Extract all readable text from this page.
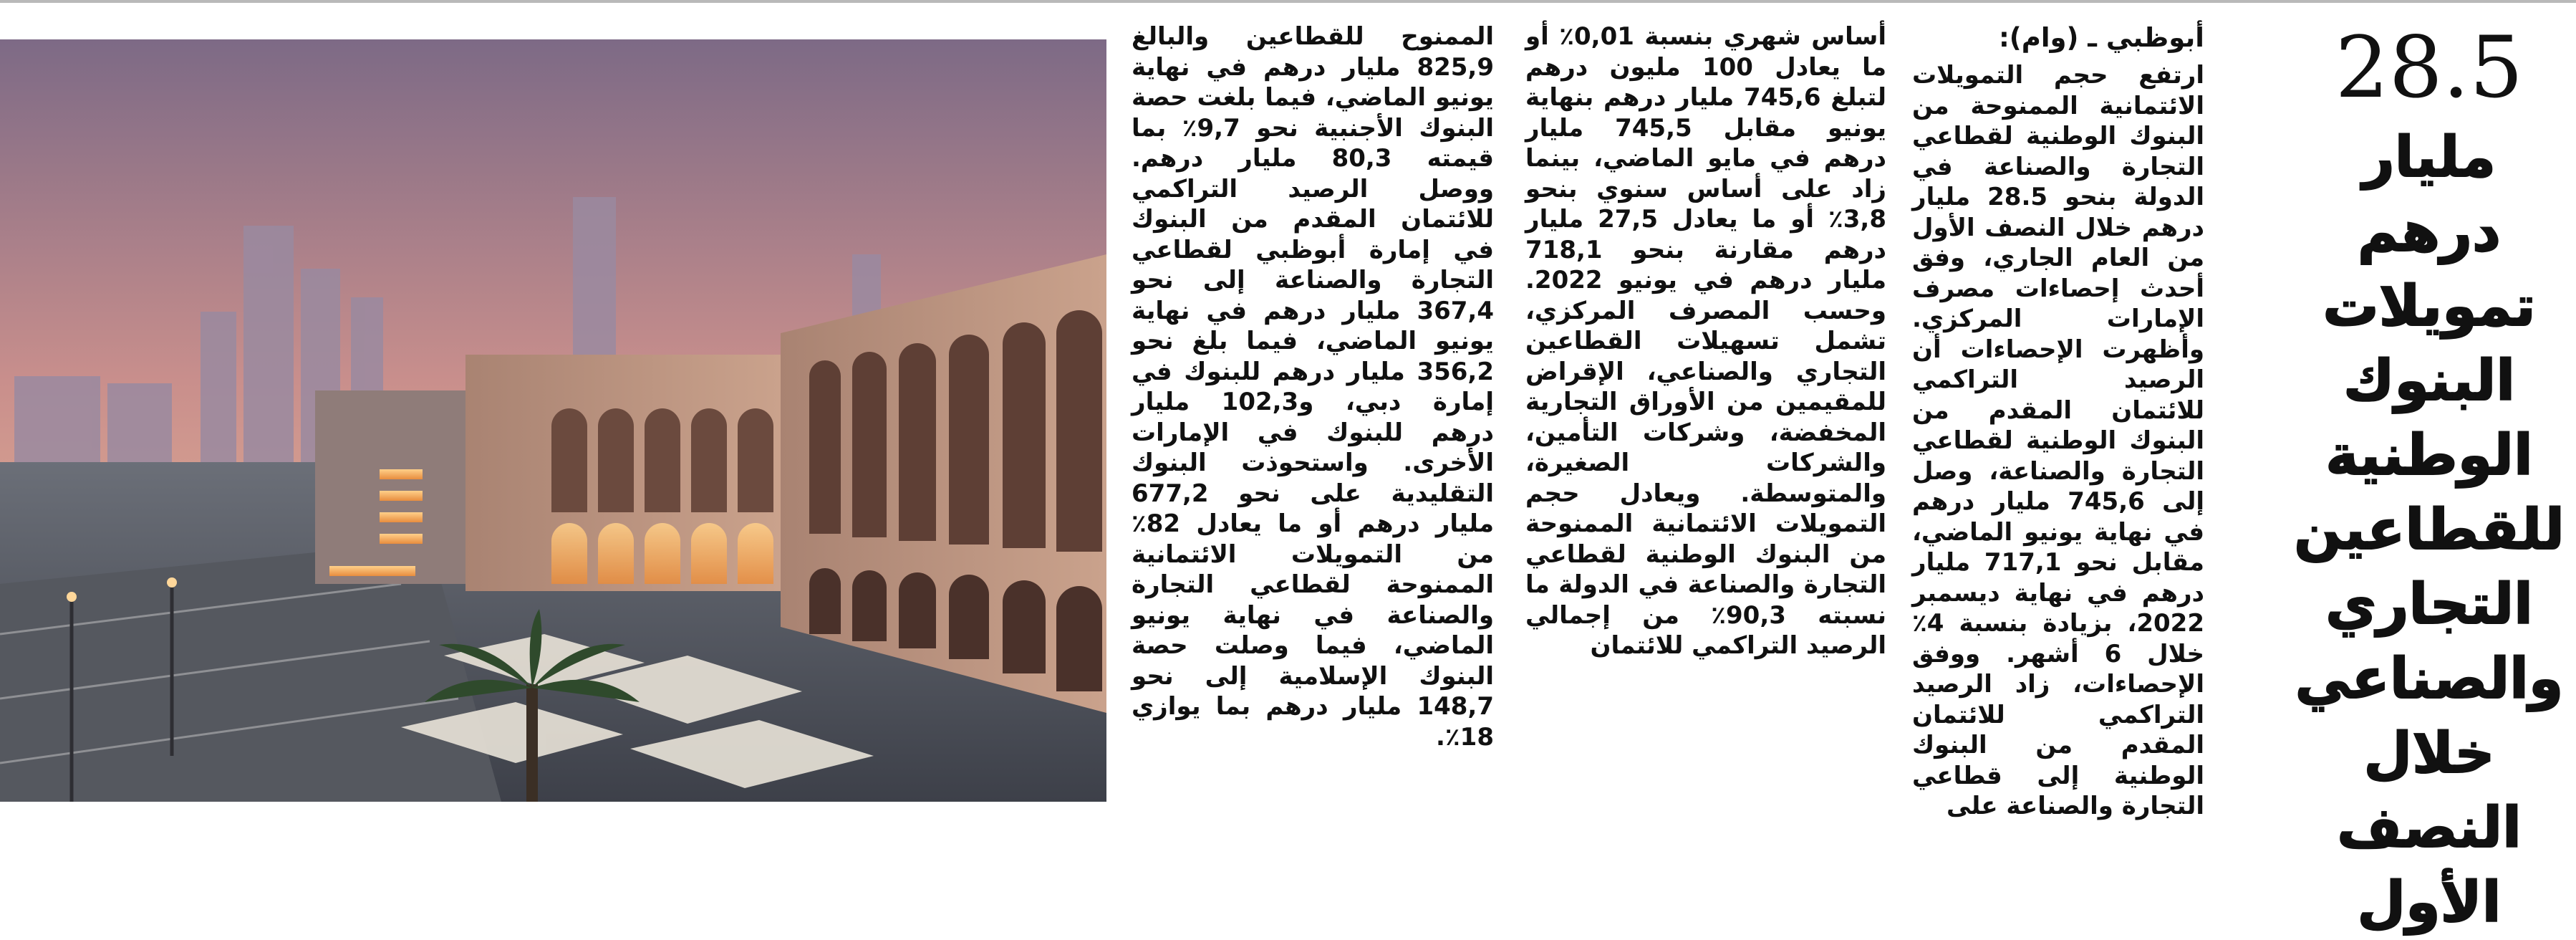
28.5
مليار درهم تمويلات البنوك الوطنية للقطاعين التجاري والصناعي خلال النصف الأول
أبوظبي ـ (وام):

ارتفع حجم التمويلات الائتمانية الممنوحة من البنوك الوطنية لقطاعي التجارة والصناعة في الدولة بنحو 28.5 مليار درهم خلال النصف الأول من العام الجاري، وفق أحدث إحصاءات مصرف الإمارات المركزي. وأظهرت الإحصاءات أن الرصيد التراكمي للائتمان المقدم من البنوك الوطنية لقطاعي التجارة والصناعة، وصل إلى 745,6 مليار درهم في نهاية يونيو الماضي، مقابل نحو 717,1 مليار درهم في نهاية ديسمبر 2022، بزيادة بنسبة 4٪ خلال 6 أشهر. ووفق الإحصاءات، زاد الرصيد التراكمي للائتمان المقدم من البنوك الوطنية إلى قطاعي التجارة والصناعة على

أساس شهري بنسبة 0,01٪ أو ما يعادل 100 مليون درهم لتبلغ 745,6 مليار درهم بنهاية يونيو مقابل 745,5 مليار درهم في مايو الماضي، بينما زاد على أساس سنوي بنحو 3,8٪ أو ما يعادل 27,5 مليار درهم مقارنة بنحو 718,1 مليار درهم في يونيو 2022. وحسب المصرف المركزي، تشمل تسهيلات القطاعين التجاري والصناعي، الإقراض للمقيمين من الأوراق التجارية المخفضة، وشركات التأمين، والشركات الصغيرة، والمتوسطة. ويعادل حجم التمويلات الائتمانية الممنوحة من البنوك الوطنية لقطاعي التجارة والصناعة في الدولة ما نسبته 90,3٪ من إجمالي الرصيد التراكمي للائتمان

الممنوح للقطاعين والبالغ 825,9 مليار درهم في نهاية يونيو الماضي، فيما بلغت حصة البنوك الأجنبية نحو 9,7٪ بما قيمته 80,3 مليار درهم. ووصل الرصيد التراكمي للائتمان المقدم من البنوك في إمارة أبوظبي لقطاعي التجارة والصناعة إلى نحو 367,4 مليار درهم في نهاية يونيو الماضي، فيما بلغ نحو 356,2 مليار درهم للبنوك في إمارة دبي، و102,3 مليار درهم للبنوك في الإمارات الأخرى. واستحوذت البنوك التقليدية على نحو 677,2 مليار درهم أو ما يعادل 82٪ من التمويلات الائتمانية الممنوحة لقطاعي التجارة والصناعة في نهاية يونيو الماضي، فيما وصلت حصة البنوك الإسلامية إلى نحو 148,7 مليار درهم بما يوازي 18٪.
